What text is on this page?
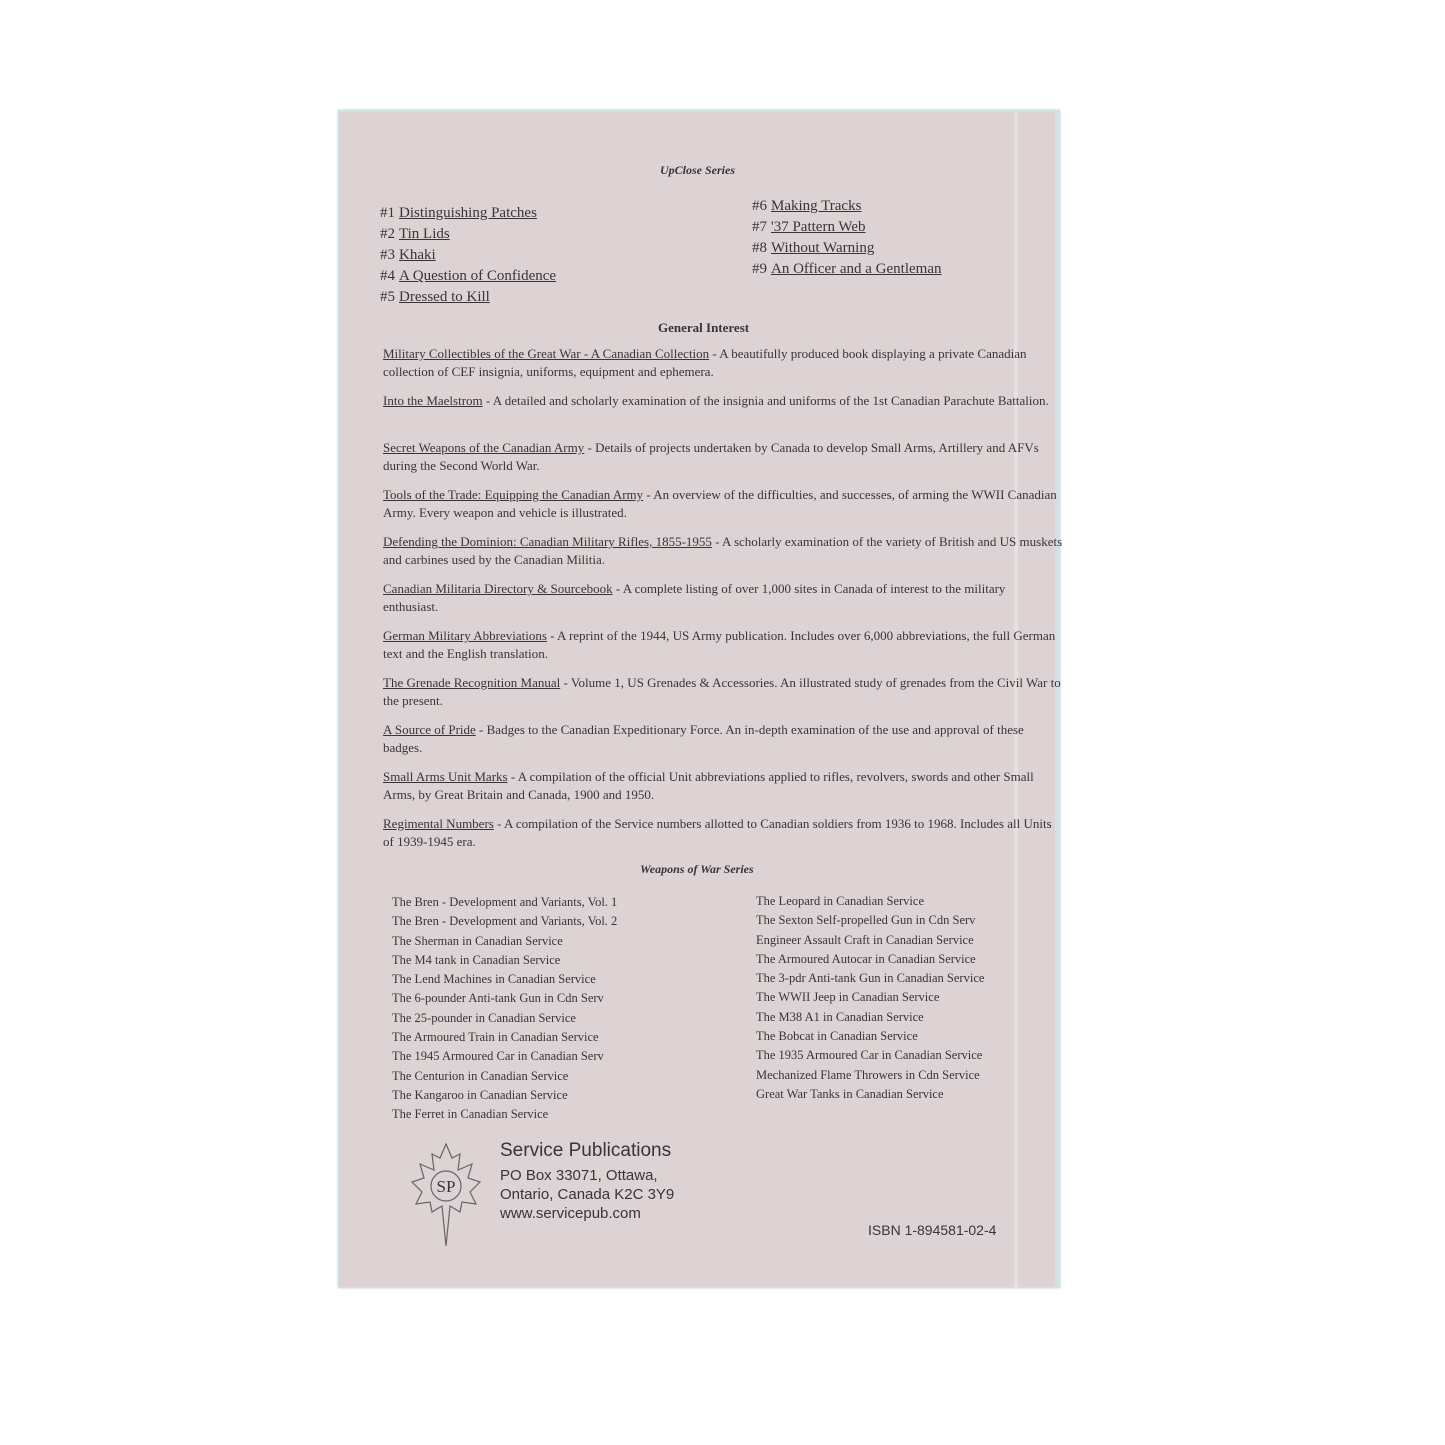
UpClose Series
#1 Distinguishing Patches
#2 Tin Lids
#3 Khaki
#4 A Question of Confidence
#5 Dressed to Kill
#6 Making Tracks
#7 '37 Pattern Web
#8 Without Warning
#9 An Officer and a Gentleman
General Interest
Military Collectibles of the Great War - A Canadian Collection - A beautifully produced book displaying a private Canadian collection of CEF insignia, uniforms, equipment and ephemera.
Into the Maelstrom - A detailed and scholarly examination of the insignia and uniforms of the 1st Canadian Parachute Battalion.
Secret Weapons of the Canadian Army - Details of projects undertaken by Canada to develop Small Arms, Artillery and AFVs during the Second World War.
Tools of the Trade: Equipping the Canadian Army - An overview of the difficulties, and successes, of arming the WWII Canadian Army. Every weapon and vehicle is illustrated.
Defending the Dominion: Canadian Military Rifles, 1855-1955 - A scholarly examination of the variety of British and US muskets and carbines used by the Canadian Militia.
Canadian Militaria Directory & Sourcebook - A complete listing of over 1,000 sites in Canada of interest to the military enthusiast.
German Military Abbreviations - A reprint of the 1944, US Army publication. Includes over 6,000 abbreviations, the full German text and the English translation.
The Grenade Recognition Manual - Volume 1, US Grenades & Accessories. An illustrated study of grenades from the Civil War to the present.
A Source of Pride - Badges to the Canadian Expeditionary Force. An in-depth examination of the use and approval of these badges.
Small Arms Unit Marks - A compilation of the official Unit abbreviations applied to rifles, revolvers, swords and other Small Arms, by Great Britain and Canada, 1900 and 1950.
Regimental Numbers - A compilation of the Service numbers allotted to Canadian soldiers from 1936 to 1968. Includes all Units of 1939-1945 era.
Weapons of War Series
The Bren - Development and Variants, Vol. 1
The Bren - Development and Variants, Vol. 2
The Sherman in Canadian Service
The M4 tank in Canadian Service
The Lend Machines in Canadian Service
The 6-pounder Anti-tank Gun in Cdn Serv
The 25-pounder in Canadian Service
The Armoured Train in Canadian Service
The 1945 Armoured Car in Canadian Serv
The Centurion in Canadian Service
The Kangaroo in Canadian Service
The Ferret in Canadian Service
The Leopard in Canadian Service
The Sexton Self-propelled Gun in Cdn Serv
Engineer Assault Craft in Canadian Service
The Armoured Autocar in Canadian Service
The 3-pdr Anti-tank Gun in Canadian Service
The WWII Jeep in Canadian Service
The M38 A1 in Canadian Service
The Bobcat in Canadian Service
The 1935 Armoured Car in Canadian Service
Mechanized Flame Throwers in Cdn Service
Great War Tanks in Canadian Service
SP
Service Publications
PO Box 33071, Ottawa,
Ontario, Canada K2C 3Y9
www.servicepub.com
ISBN 1-894581-02-4
